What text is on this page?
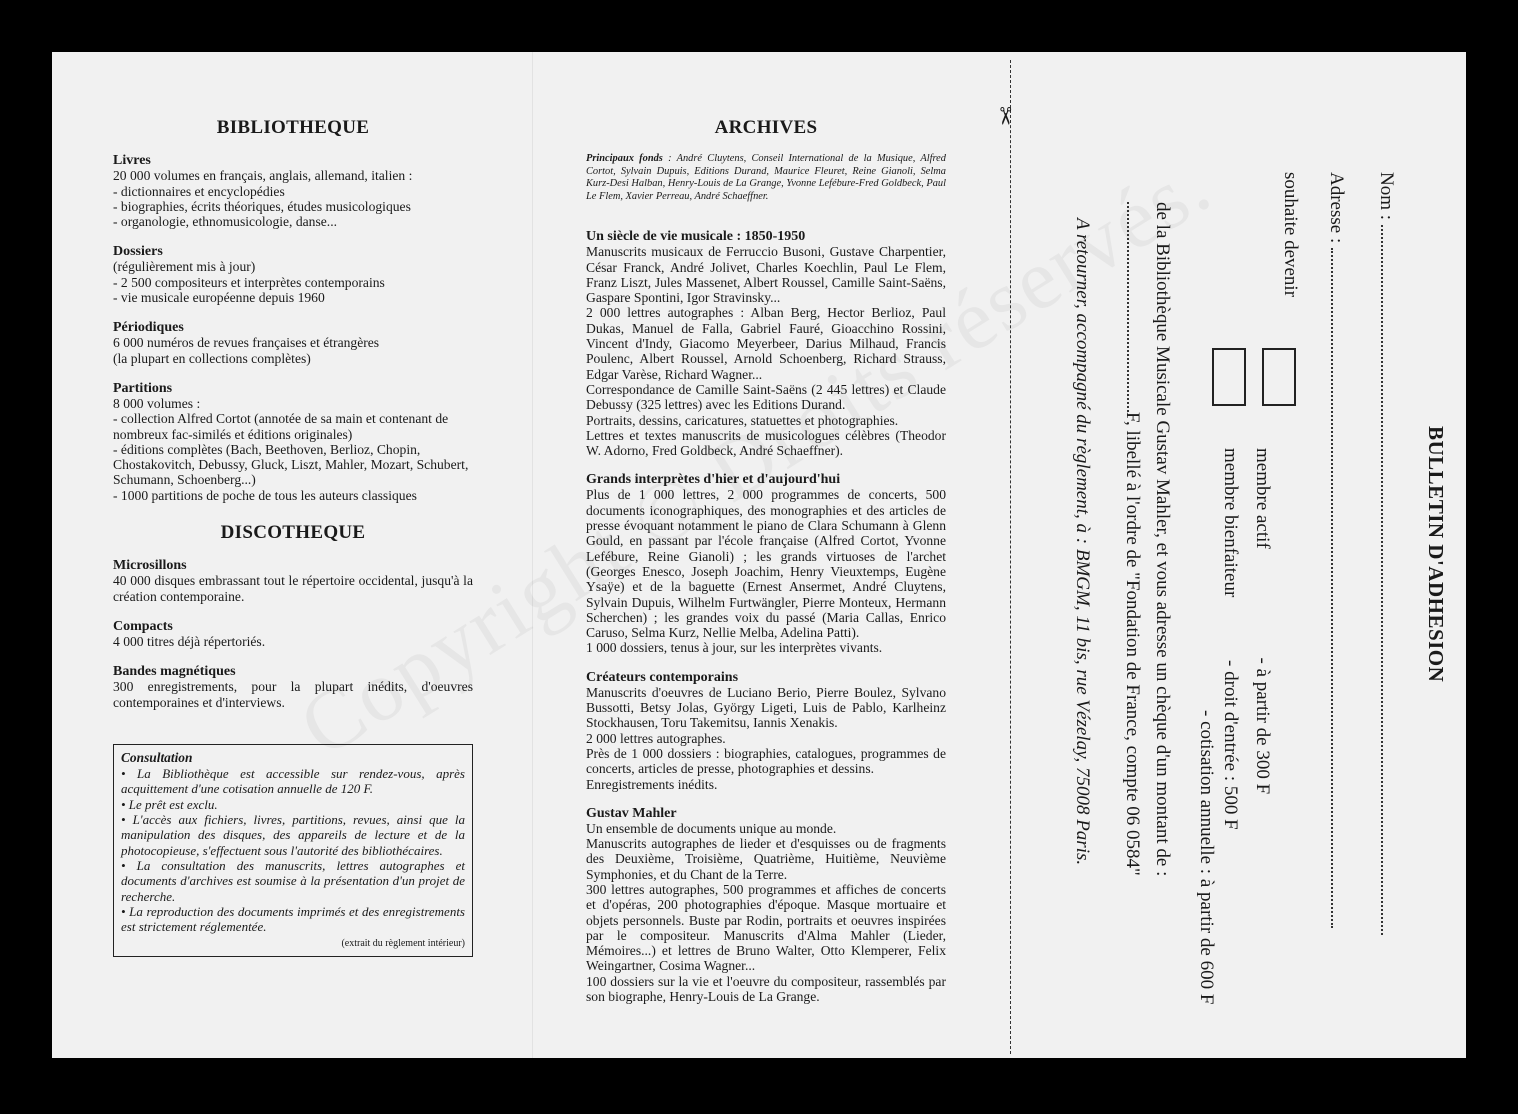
BIBLIOTHEQUE
Livres
20 000 volumes en français, anglais, allemand, italien :
- dictionnaires et encyclopédies
- biographies, écrits théoriques, études musicologiques
- organologie, ethnomusicologie, danse...
Dossiers
(régulièrement mis à jour)
- 2 500 compositeurs et interprètes contemporains
- vie musicale européenne depuis 1960
Périodiques
6 000 numéros de revues françaises et étrangères
(la plupart en collections complètes)
Partitions
8 000 volumes :
- collection Alfred Cortot (annotée de sa main et contenant de nombreux fac-similés et éditions originales)
- éditions complètes (Bach, Beethoven, Berlioz, Chopin, Chostakovitch, Debussy, Gluck, Liszt, Mahler, Mozart, Schubert, Schumann, Schoenberg...)
- 1000 partitions de poche de tous les auteurs classiques
DISCOTHEQUE
Microsillons
40 000 disques embrassant tout le répertoire occidental, jusqu'à la création contemporaine.
Compacts
4 000 titres déjà répertoriés.
Bandes magnétiques
300 enregistrements, pour la plupart inédits, d'oeuvres contemporaines et d'interviews.
Consultation
• La Bibliothèque est accessible sur rendez-vous, après acquittement d'une cotisation annuelle de 120 F.
• Le prêt est exclu.
• L'accès aux fichiers, livres, partitions, revues, ainsi que la manipulation des disques, des appareils de lecture et de la photocopieuse, s'effectuent sous l'autorité des bibliothécaires.
• La consultation des manuscrits, lettres autographes et documents d'archives est soumise à la présentation d'un projet de recherche.
• La reproduction des documents imprimés et des enregistrements est strictement réglementée.
(extrait du règlement intérieur)
ARCHIVES
Principaux fonds : André Cluytens, Conseil International de la Musique, Alfred Cortot, Sylvain Dupuis, Editions Durand, Maurice Fleuret, Reine Gianoli, Selma Kurz-Desi Halban, Henry-Louis de La Grange, Yvonne Lefébure-Fred Goldbeck, Paul Le Flem, Xavier Perreau, André Schaeffner.
Un siècle de vie musicale : 1850-1950
Manuscrits musicaux de Ferruccio Busoni, Gustave Charpentier, César Franck, André Jolivet, Charles Koechlin, Paul Le Flem, Franz Liszt, Jules Massenet, Albert Roussel, Camille Saint-Saëns, Gaspare Spontini, Igor Stravinsky...
2 000 lettres autographes : Alban Berg, Hector Berlioz, Paul Dukas, Manuel de Falla, Gabriel Fauré, Gioacchino Rossini, Vincent d'Indy, Giacomo Meyerbeer, Darius Milhaud, Francis Poulenc, Albert Roussel, Arnold Schoenberg, Richard Strauss, Edgar Varèse, Richard Wagner...
Correspondance de Camille Saint-Saëns (2 445 lettres) et Claude Debussy (325 lettres) avec les Editions Durand.
Portraits, dessins, caricatures, statuettes et photographies.
Lettres et textes manuscrits de musicologues célèbres (Theodor W. Adorno, Fred Goldbeck, André Schaeffner).
Grands interprètes d'hier et d'aujourd'hui
Plus de 1 000 lettres, 2 000 programmes de concerts, 500 documents iconographiques, des monographies et des articles de presse évoquant notamment le piano de Clara Schumann à Glenn Gould, en passant par l'école française (Alfred Cortot, Yvonne Lefébure, Reine Gianoli) ; les grands virtuoses de l'archet (Georges Enesco, Joseph Joachim, Henry Vieuxtemps, Eugène Ysaÿe) et de la baguette (Ernest Ansermet, André Cluytens, Sylvain Dupuis, Wilhelm Furtwängler, Pierre Monteux, Hermann Scherchen) ; les grandes voix du passé (Maria Callas, Enrico Caruso, Selma Kurz, Nellie Melba, Adelina Patti).
1 000 dossiers, tenus à jour, sur les interprètes vivants.
Créateurs contemporains
Manuscrits d'oeuvres de Luciano Berio, Pierre Boulez, Sylvano Bussotti, Betsy Jolas, György Ligeti, Luis de Pablo, Karlheinz Stockhausen, Toru Takemitsu, Iannis Xenakis.
2 000 lettres autographes.
Près de 1 000 dossiers : biographies, catalogues, programmes de concerts, articles de presse, photographies et dessins.
Enregistrements inédits.
Gustav Mahler
Un ensemble de documents unique au monde.
Manuscrits autographes de lieder et d'esquisses ou de fragments des Deuxième, Troisième, Quatrième, Huitième, Neuvième Symphonies, et du Chant de la Terre.
300 lettres autographes, 500 programmes et affiches de concerts et d'opéras, 200 photographies d'époque. Masque mortuaire et objets personnels. Buste par Rodin, portraits et oeuvres inspirées par le compositeur. Manuscrits d'Alma Mahler (Lieder, Mémoires...) et lettres de Bruno Walter, Otto Klemperer, Felix Weingartner, Cosima Wagner...
100 dossiers sur la vie et l'oeuvre du compositeur, rassemblés par son biographe, Henry-Louis de La Grange.
✂
BULLETIN D'ADHESION
Nom :
Adresse :
souhaite devenir
membre actif - à partir de 300 F
membre bienfaiteur - droit d'entrée : 500 F
- cotisation annuelle : à partir de 600 F
de la Bibliothèque Musicale Gustav Mahler, et vous adresse un chèque d'un montant de :
F, libellé à l'ordre de "Fondation de France, compte 06 0584"
A retourner, accompagné du règlement, à : BMGM, 11 bis, rue Vézelay, 75008 Paris.
